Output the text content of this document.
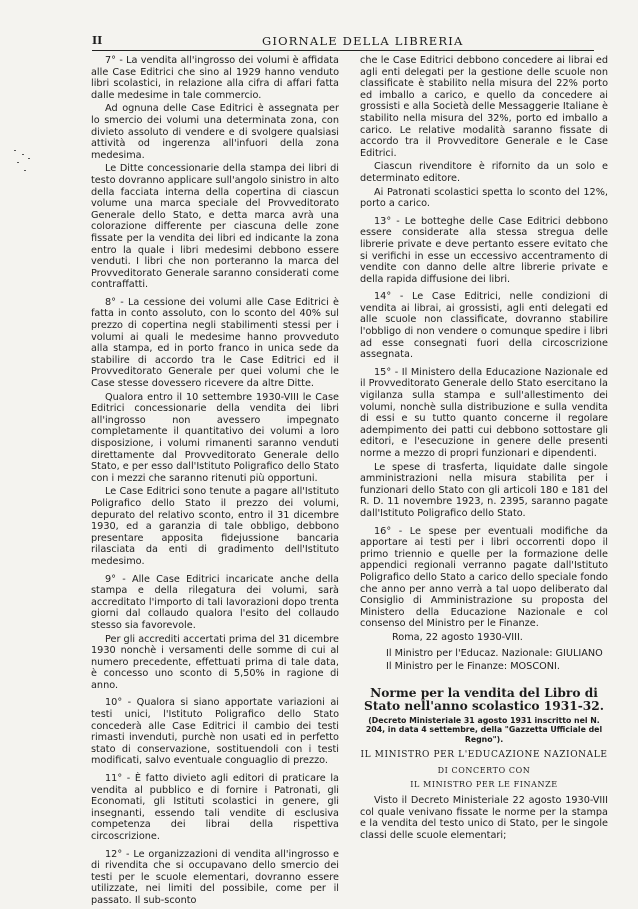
II	GIORNALE DELLA LIBRERIA

7° - La vendita all'ingrosso dei volumi è affidata alle Case Editrici che sino al 1929 hanno venduto libri scolastici, in relazione alla cifra di affari fatta dalle medesime in tale commercio.

Ad ognuna delle Case Editrici è assegnata per lo smercio dei volumi una determinata zona, con divieto assoluto di vendere e di svolgere qualsiasi attività od ingerenza all'infuori della zona medesima.

Le Ditte concessionarie della stampa dei libri di testo dovranno applicare sull'angolo sinistro in alto della facciata interna della copertina di ciascun volume una marca speciale del Provveditorato Generale dello Stato, e detta marca avrà una colorazione differente per ciascuna delle zone fissate per la vendita dei libri ed indicante la zona entro la quale i libri medesimi debbono essere venduti. I libri che non porteranno la marca del Provveditorato Generale saranno considerati come contraffatti.

8° - La cessione dei volumi alle Case Editrici è fatta in conto assoluto, con lo sconto del 40% sul prezzo di copertina negli stabilimenti stessi per i volumi ai quali le medesime hanno provveduto alla stampa, ed in porto franco in unica sede da stabilire di accordo tra le Case Editrici ed il Provveditorato Generale per quei volumi che le Case stesse dovessero ricevere da altre Ditte.

Qualora entro il 10 settembre 1930-VIII le Case Editrici concessionarie della vendita dei libri all'ingrosso non avessero impegnato completamente il quantitativo dei volumi a loro disposizione, i volumi rimanenti saranno venduti direttamente dal Provveditorato Generale dello Stato, e per esso dall'Istituto Poligrafico dello Stato con i mezzi che saranno ritenuti più opportuni.

Le Case Editrici sono tenute a pagare all'Istituto Poligrafico dello Stato il prezzo dei volumi, depurato del relativo sconto, entro il 31 dicembre 1930, ed a garanzia di tale obbligo, debbono presentare apposita fidejussione bancaria rilasciata da enti di gradimento dell'Istituto medesimo.

9° - Alle Case Editrici incaricate anche della stampa e della rilegatura dei volumi, sarà accreditato l'importo di tali lavorazioni dopo trenta giorni dal collaudo qualora l'esito del collaudo stesso sia favorevole.

Per gli accrediti accertati prima del 31 dicembre 1930 nonchè i versamenti delle somme di cui al numero precedente, effettuati prima di tale data, è concesso uno sconto di 5,50% in ragione di anno.

10° - Qualora si siano apportate variazioni ai testi unici, l'Istituto Poligrafico dello Stato concederà alle Case Editrici il cambio dei testi rimasti invenduti, purchè non usati ed in perfetto stato di conservazione, sostituendoli con i testi modificati, salvo eventuale conguaglio di prezzo.

11° - È fatto divieto agli editori di praticare la vendita al pubblico e di fornire i Patronati, gli Economati, gli Istituti scolastici in genere, gli insegnanti, essendo tali vendite di esclusiva competenza dei librai della rispettiva circoscrizione.

12° - Le organizzazioni di vendita all'ingrosso e di rivendita che si occupavano dello smercio dei testi per le scuole elementari, dovranno essere utilizzate, nei limiti del possibile, come per il passato. Il sub-sconto

che le Case Editrici debbono concedere ai librai ed agli enti delegati per la gestione delle scuole non classificate è stabilito nella misura del 22% porto ed imballo a carico, e quello da concedere ai grossisti e alla Società delle Messaggerie Italiane è stabilito nella misura del 32%, porto ed imballo a carico. Le relative modalità saranno fissate di accordo tra il Provveditore Generale e le Case Editrici.

Ciascun rivenditore è rifornito da un solo e determinato editore.

Ai Patronati scolastici spetta lo sconto del 12%, porto a carico.

13° - Le botteghe delle Case Editrici debbono essere considerate alla stessa stregua delle librerie private e deve pertanto essere evitato che si verifichi in esse un eccessivo accentramento di vendite con danno delle altre librerie private e della rapida diffusione dei libri.

14° - Le Case Editrici, nelle condizioni di vendita ai librai, ai grossisti, agli enti delegati ed alle scuole non classificate, dovranno stabilire l'obbligo di non vendere o comunque spedire i libri ad esse consegnati fuori della circoscrizione assegnata.

15° - Il Ministero della Educazione Nazionale ed il Provveditorato Generale dello Stato esercitano la vigilanza sulla stampa e sull'allestimento dei volumi, nonchè sulla distribuzione e sulla vendita di essi e su tutto quanto concerne il regolare adempimento dei patti cui debbono sottostare gli editori, e l'esecuzione in genere delle presenti norme a mezzo di propri funzionari e dipendenti.

Le spese di trasferta, liquidate dalle singole amministrazioni nella misura stabilita per i funzionari dello Stato con gli articoli 180 e 181 del R. D. 11 novembre 1923, n. 2395, saranno pagate dall'Istituto Poligrafico dello Stato.

16° - Le spese per eventuali modifiche da apportare ai testi per i libri occorrenti dopo il primo triennio e quelle per la formazione delle appendici regionali verranno pagate dall'Istituto Poligrafico dello Stato a carico dello speciale fondo che anno per anno verrà a tal uopo deliberato dal Consiglio di Amministrazione su proposta del Ministero della Educazione Nazionale e col consenso del Ministro per le Finanze.

Roma, 22 agosto 1930-VIII.

Il Ministro per l'Educaz. Nazionale: GIULIANO

Il Ministro per le Finanze: MOSCONI.

Norme per la vendita del Libro di Stato nell'anno scolastico 1931-32.
(Decreto Ministeriale 31 agosto 1931 inscritto nel N. 204, in data 4 settembre, della "Gazzetta Ufficiale del Regno").
IL MINISTRO PER L'EDUCAZIONE NAZIONALE
DI CONCERTO CON
IL MINISTRO PER LE FINANZE

Visto il Decreto Ministeriale 22 agosto 1930-VIII col quale venivano fissate le norme per la stampa e la vendita del testo unico di Stato, per le singole classi delle scuole elementari;
